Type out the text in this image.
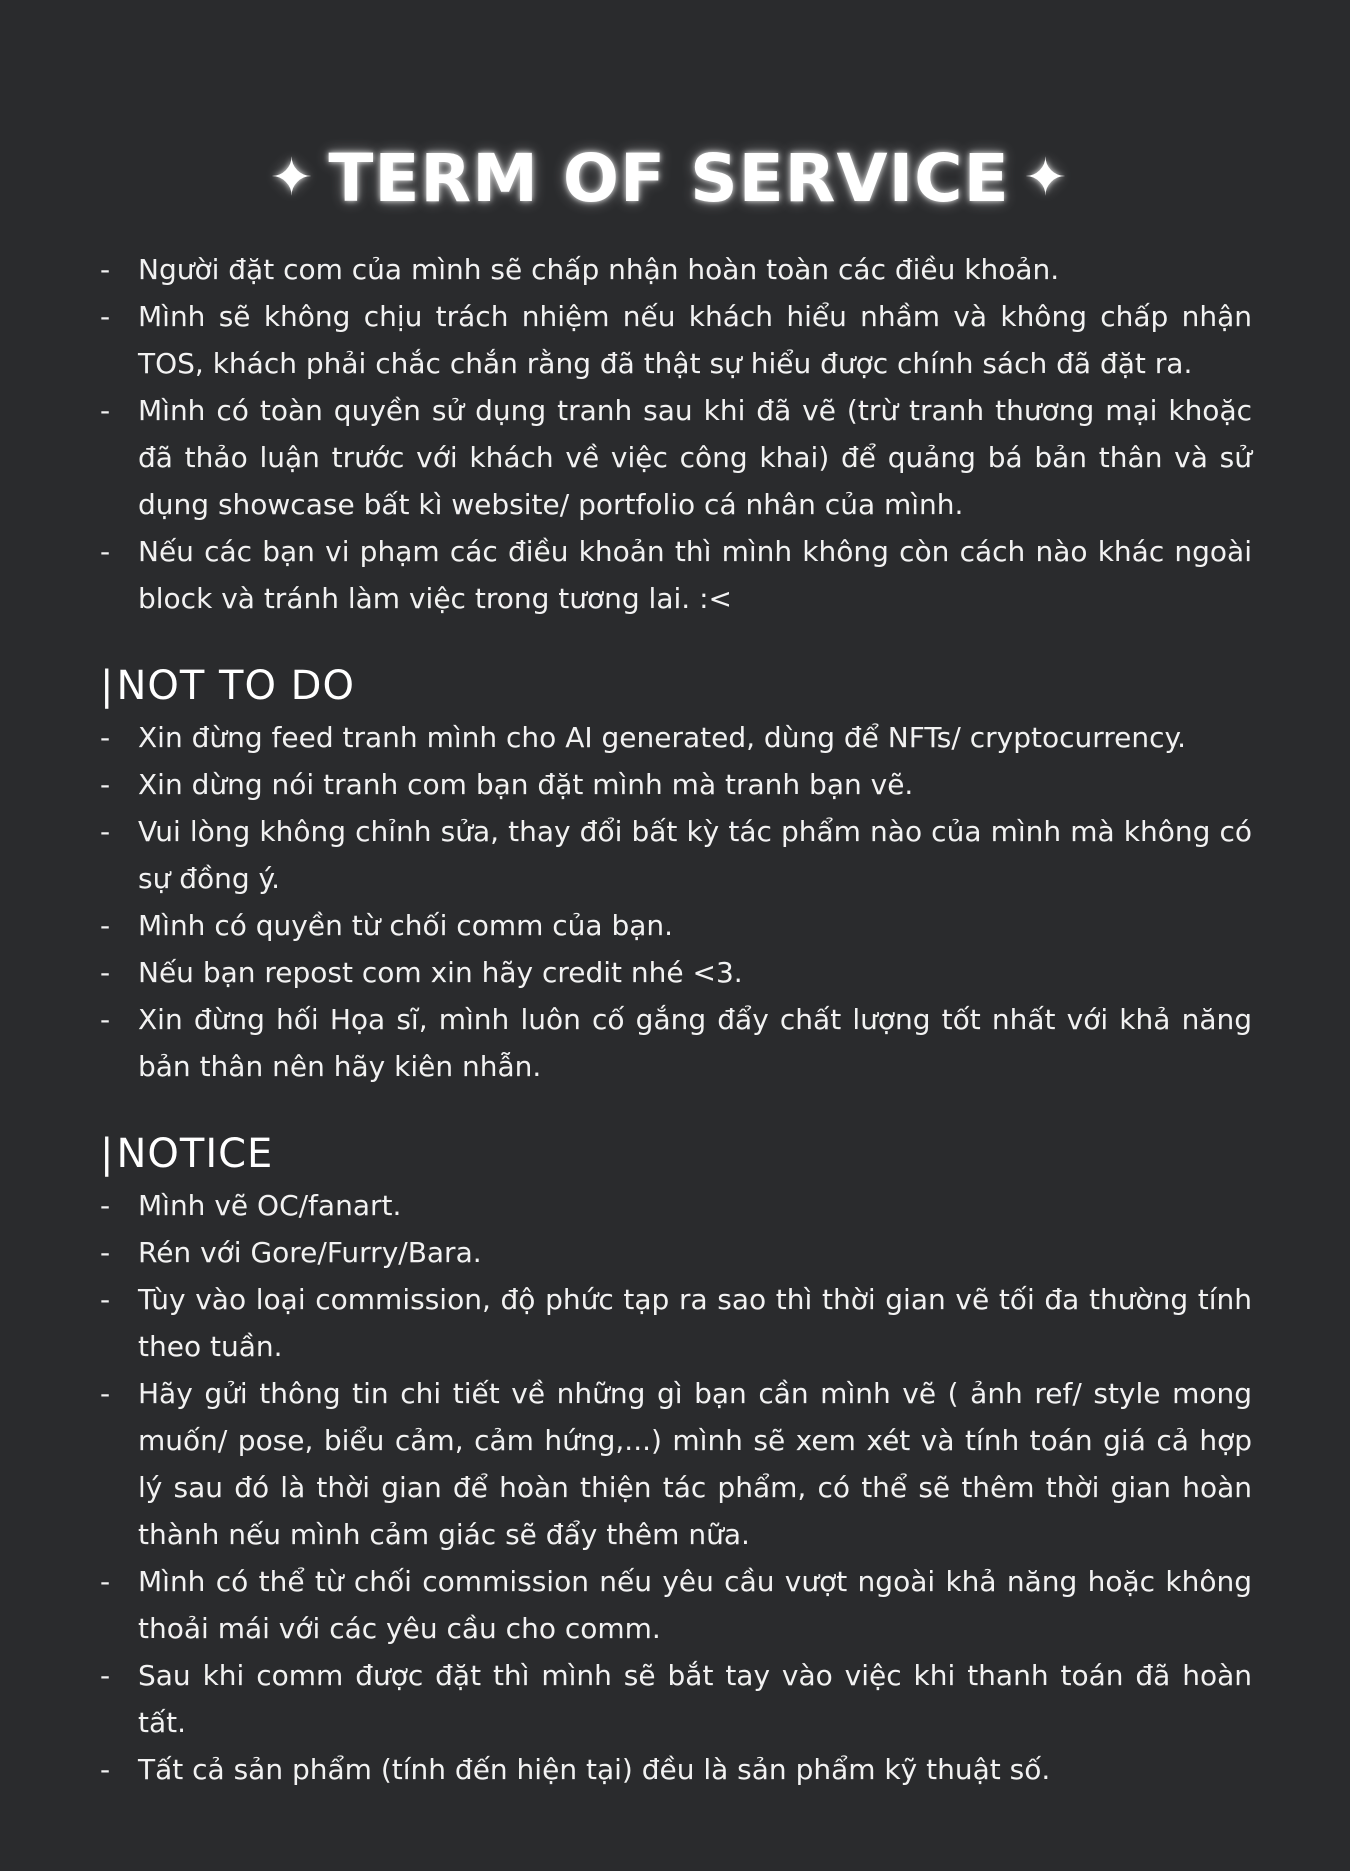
✦ TERM OF SERVICE ✦
- Người đặt com của mình sẽ chấp nhận hoàn toàn các điều khoản.
- Mình sẽ không chịu trách nhiệm nếu khách hiểu nhầm và không chấp nhận TOS, khách phải chắc chắn rằng đã thật sự hiểu được chính sách đã đặt ra.
- Mình có toàn quyền sử dụng tranh sau khi đã vẽ (trừ tranh thương mại khoặc đã thảo luận trước với khách về việc công khai) để quảng bá bản thân và sử dụng showcase bất kì website/ portfolio cá nhân của mình.
- Nếu các bạn vi phạm các điều khoản thì mình không còn cách nào khác ngoài block và tránh làm việc trong tương lai. :<
|NOT TO DO
- Xin đừng feed tranh mình cho AI generated, dùng để NFTs/ cryptocurrency.
- Xin dừng nói tranh com bạn đặt mình mà tranh bạn vẽ.
- Vui lòng không chỉnh sửa, thay đổi bất kỳ tác phẩm nào của mình mà không có sự đồng ý.
- Mình có quyền từ chối comm của bạn.
- Nếu bạn repost com xin hãy credit nhé <3.
- Xin đừng hối Họa sĩ, mình luôn cố gắng đẩy chất lượng tốt nhất với khả năng bản thân nên hãy kiên nhẫn.
|NOTICE
- Mình vẽ OC/fanart.
- Rén với Gore/Furry/Bara.
- Tùy vào loại commission, độ phức tạp ra sao thì thời gian vẽ tối đa thường tính theo tuần.
- Hãy gửi thông tin chi tiết về những gì bạn cần mình vẽ ( ảnh ref/ style mong muốn/ pose, biểu cảm, cảm hứng,...) mình sẽ xem xét và tính toán giá cả hợp lý sau đó là thời gian để hoàn thiện tác phẩm, có thể sẽ thêm thời gian hoàn thành nếu mình cảm giác sẽ đẩy thêm nữa.
- Mình có thể từ chối commission nếu yêu cầu vượt ngoài khả năng hoặc không thoải mái với các yêu cầu cho comm.
- Sau khi comm được đặt thì mình sẽ bắt tay vào việc khi thanh toán đã hoàn tất.
- Tất cả sản phẩm (tính đến hiện tại) đều là sản phẩm kỹ thuật số.
